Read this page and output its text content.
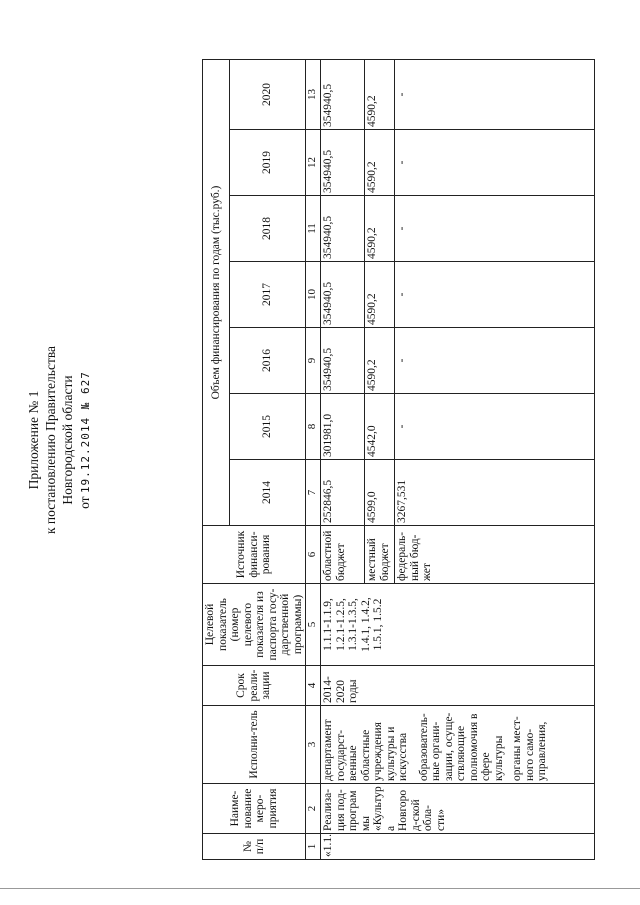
Приложение № 1 к постановлению Правительства Новгородской области от 19.12.2014 № 627
№ п/п	Наиме-нование меро-приятия	Исполни-тель	Срок реали-зации	Целевой показатель (номер целевого показателя из паспорта госу-дарственной программы)	Источник финанси-рования	Объем финансирования по годам (тыс.руб.)						
						2014	2015	2016	2017	2018	2019	2020
1	2	3	4	5	6	7	8	9	10	11	12	13
«1.1.	Реализа-ция под-программы «Культура Новгород-ской обла-сти»	департамент государст-венные областные учреждения культуры и искусства образователь-ные органи-зации, осуще-ствляющие полномочия в сфере культуры органы мест-ного само-управления,	2014-2020 годы	1.1.1-1.1.9, 1.2.1-1.2.5, 1.3.1-1.3.5, 1.4.1, 1.4.2, 1.5.1, 1.5.2	областной бюджет	252846,5	301981,0	354940,5	354940,5	354940,5	354940,5	354940,5
					местный бюджет	4599,0	4542,0	4590,2	4590,2	4590,2	4590,2	4590,2
					федераль-ный бюд-жет	3267,531	-	-	-	-	-	-
